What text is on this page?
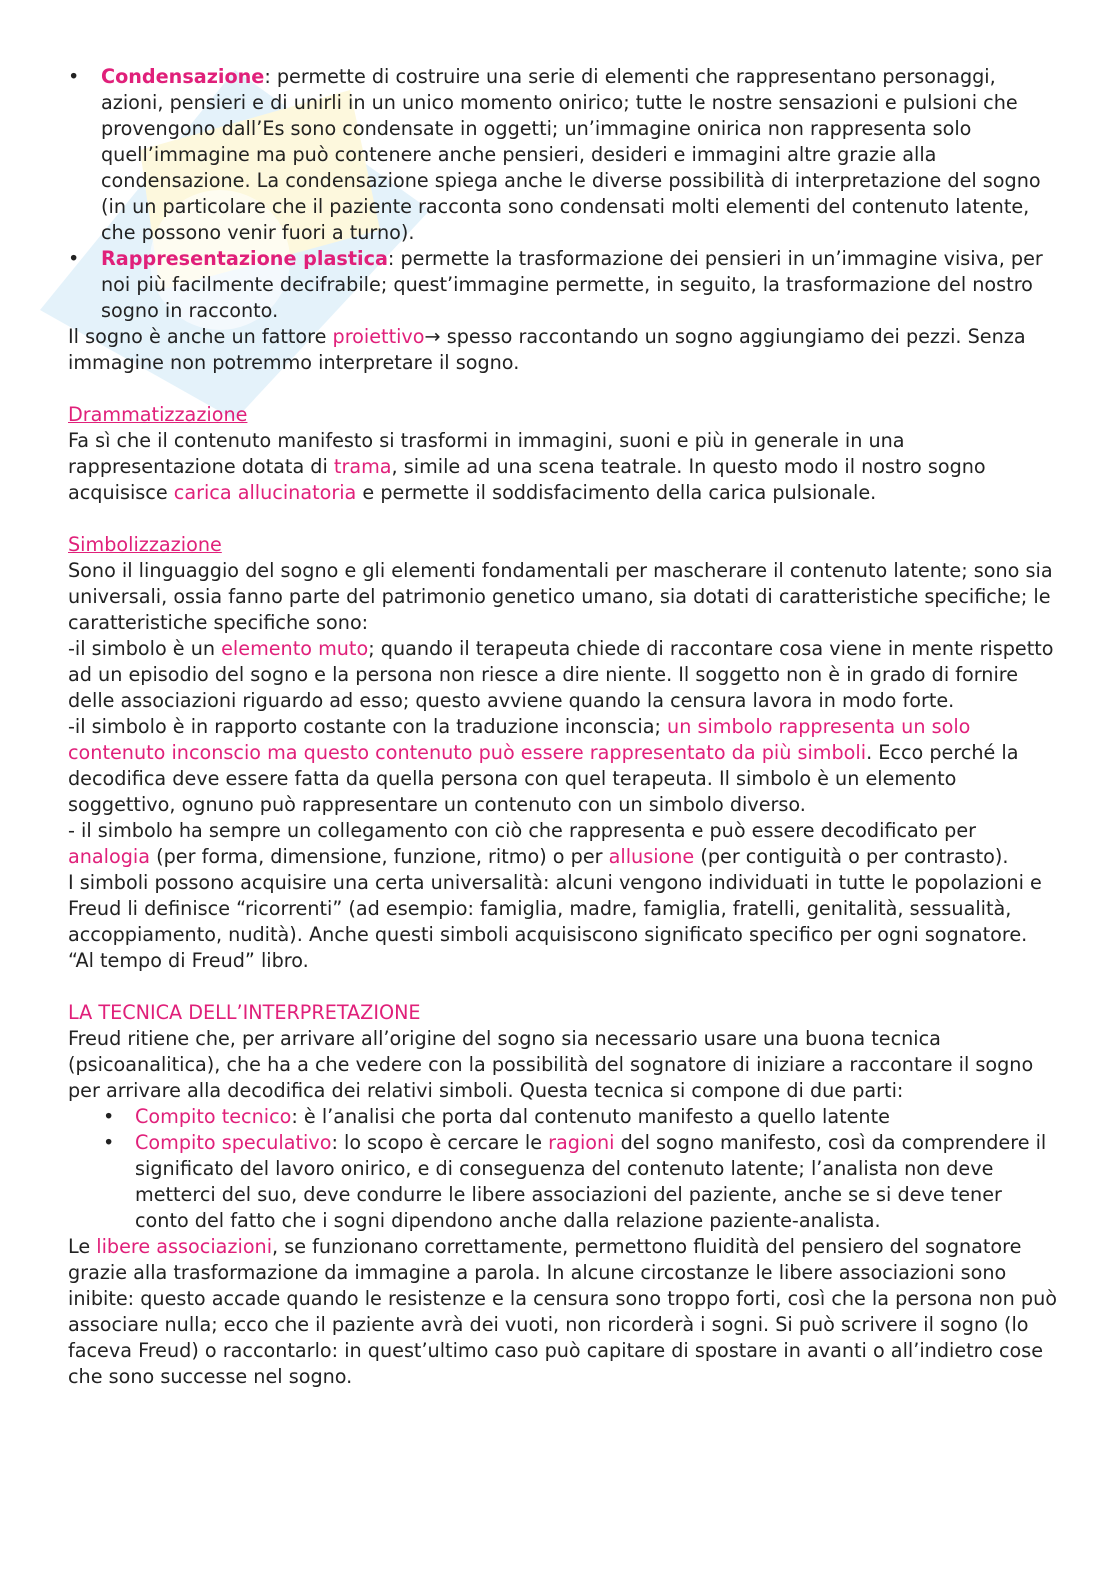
• Condensazione: permette di costruire una serie di elementi che rappresentano personaggi, azioni, pensieri e di unirli in un unico momento onirico; tutte le nostre sensazioni e pulsioni che provengono dall’Es sono condensate in oggetti; un’immagine onirica non rappresenta solo quell’immagine ma può contenere anche pensieri, desideri e immagini altre grazie alla condensazione. La condensazione spiega anche le diverse possibilità di interpretazione del sogno (in un particolare che il paziente racconta sono condensati molti elementi del contenuto latente, che possono venir fuori a turno).
• Rappresentazione plastica: permette la trasformazione dei pensieri in un’immagine visiva, per noi più facilmente decifrabile; quest’immagine permette, in seguito, la trasformazione del nostro sogno in racconto.

Il sogno è anche un fattore proiettivo→ spesso raccontando un sogno aggiungiamo dei pezzi. Senza immagine non potremmo interpretare il sogno.

Drammatizzazione

Fa sì che il contenuto manifesto si trasformi in immagini, suoni e più in generale in una rappresentazione dotata di trama, simile ad una scena teatrale. In questo modo il nostro sogno acquisisce carica allucinatoria e permette il soddisfacimento della carica pulsionale.

Simbolizzazione

Sono il linguaggio del sogno e gli elementi fondamentali per mascherare il contenuto latente; sono sia universali, ossia fanno parte del patrimonio genetico umano, sia dotati di caratteristiche specifiche; le caratteristiche specifiche sono:

-il simbolo è un elemento muto; quando il terapeuta chiede di raccontare cosa viene in mente rispetto ad un episodio del sogno e la persona non riesce a dire niente. Il soggetto non è in grado di fornire delle associazioni riguardo ad esso; questo avviene quando la censura lavora in modo forte.

-il simbolo è in rapporto costante con la traduzione inconscia; un simbolo rappresenta un solo contenuto inconscio ma questo contenuto può essere rappresentato da più simboli. Ecco perché la decodifica deve essere fatta da quella persona con quel terapeuta. Il simbolo è un elemento soggettivo, ognuno può rappresentare un contenuto con un simbolo diverso.

- il simbolo ha sempre un collegamento con ciò che rappresenta e può essere decodificato per analogia (per forma, dimensione, funzione, ritmo) o per allusione (per contiguità o per contrasto).

I simboli possono acquisire una certa universalità: alcuni vengono individuati in tutte le popolazioni e Freud li definisce “ricorrenti” (ad esempio: famiglia, madre, famiglia, fratelli, genitalità, sessualità, accoppiamento, nudità). Anche questi simboli acquisiscono significato specifico per ogni sognatore. “Al tempo di Freud” libro.

LA TECNICA DELL’INTERPRETAZIONE

Freud ritiene che, per arrivare all’origine del sogno sia necessario usare una buona tecnica (psicoanalitica), che ha a che vedere con la possibilità del sognatore di iniziare a raccontare il sogno per arrivare alla decodifica dei relativi simboli. Questa tecnica si compone di due parti:

• Compito tecnico: è l’analisi che porta dal contenuto manifesto a quello latente
• Compito speculativo: lo scopo è cercare le ragioni del sogno manifesto, così da comprendere il significato del lavoro onirico, e di conseguenza del contenuto latente; l’analista non deve metterci del suo, deve condurre le libere associazioni del paziente, anche se si deve tener conto del fatto che i sogni dipendono anche dalla relazione paziente-analista.

Le libere associazioni, se funzionano correttamente, permettono fluidità del pensiero del sognatore grazie alla trasformazione da immagine a parola. In alcune circostanze le libere associazioni sono inibite: questo accade quando le resistenze e la censura sono troppo forti, così che la persona non può associare nulla; ecco che il paziente avrà dei vuoti, non ricorderà i sogni. Si può scrivere il sogno (lo faceva Freud) o raccontarlo: in quest’ultimo caso può capitare di spostare in avanti o all’indietro cose che sono successe nel sogno.
